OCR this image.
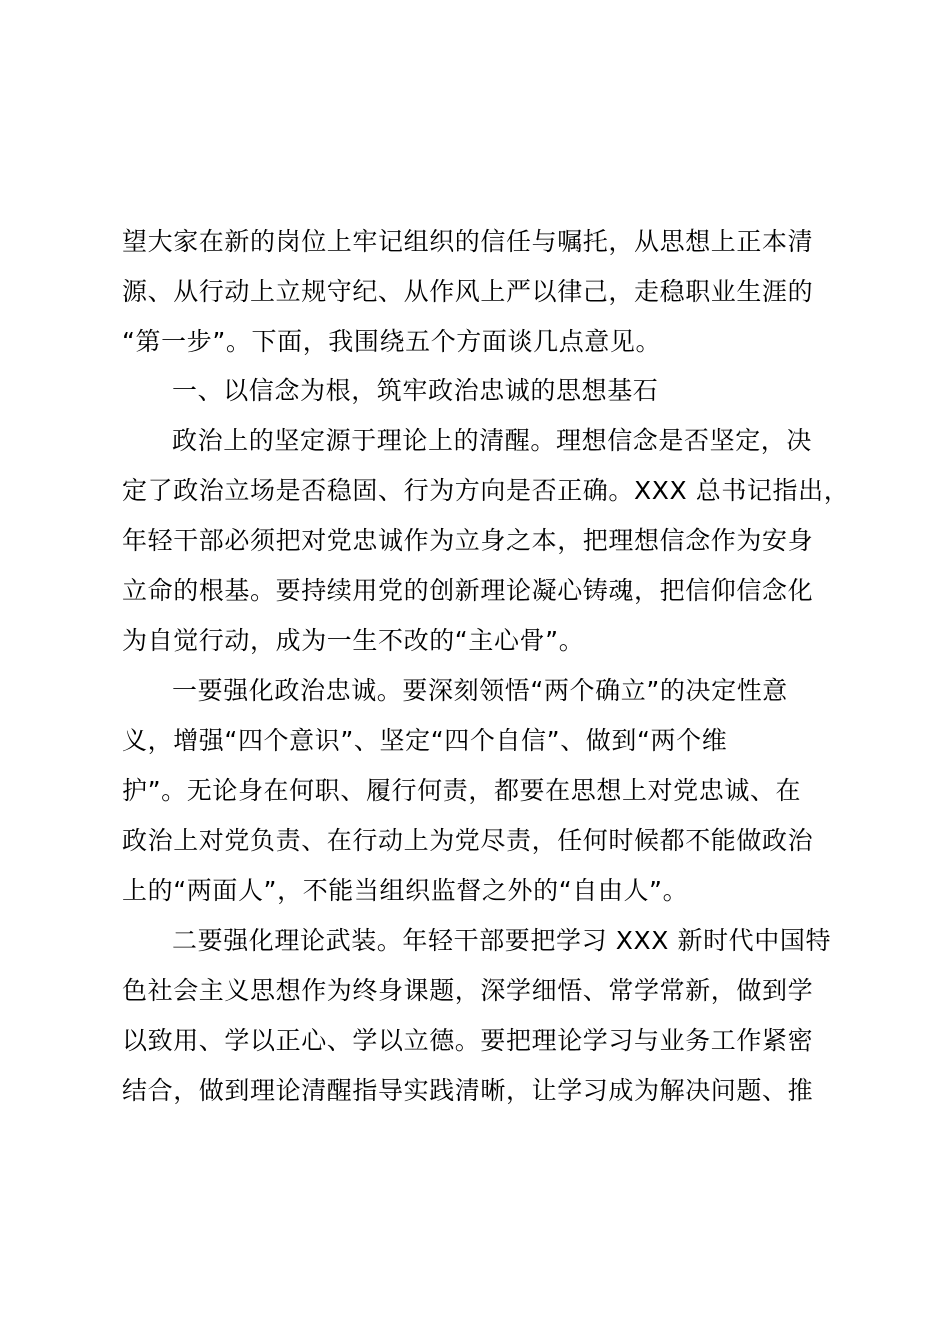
望大家在新的岗位上牢记组织的信任与嘱托，从思想上正本清
源、从行动上立规守纪、从作风上严以律己，走稳职业生涯的
“第一步”。下面，我围绕五个方面谈几点意见。
一、以信念为根，筑牢政治忠诚的思想基石
政治上的坚定源于理论上的清醒。理想信念是否坚定，决
定了政治立场是否稳固、行为方向是否正确。XXX 总书记指出，
年轻干部必须把对党忠诚作为立身之本，把理想信念作为安身
立命的根基。要持续用党的创新理论凝心铸魂，把信仰信念化
为自觉行动，成为一生不改的“主心骨”。
一要强化政治忠诚。要深刻领悟“两个确立”的决定性意
义，增强“四个意识”、坚定“四个自信”、做到“两个维
护”。无论身在何职、履行何责，都要在思想上对党忠诚、在
政治上对党负责、在行动上为党尽责，任何时候都不能做政治
上的“两面人”，不能当组织监督之外的“自由人”。
二要强化理论武装。年轻干部要把学习 XXX 新时代中国特
色社会主义思想作为终身课题，深学细悟、常学常新，做到学
以致用、学以正心、学以立德。要把理论学习与业务工作紧密
结合，做到理论清醒指导实践清晰，让学习成为解决问题、推
